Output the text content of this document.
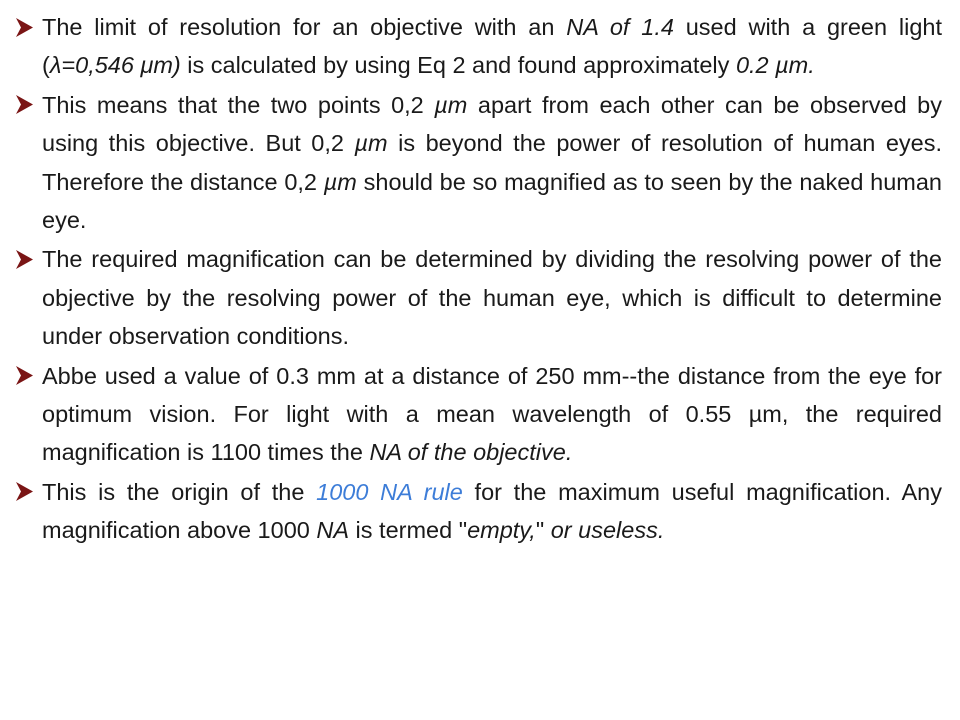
The limit of resolution for an objective with an NA of 1.4 used with a green light (λ=0,546 μm) is calculated by using Eq 2 and found approximately 0.2 µm.
This means that the two points 0,2 µm apart from each other can be observed by using this objective. But 0,2 µm is beyond the power of resolution of human eyes. Therefore the distance 0,2 µm should be so magnified as to seen by the naked human eye.
The required magnification can be determined by dividing the resolving power of the objective by the resolving power of the human eye, which is difficult to determine under observation conditions.
Abbe used a value of 0.3 mm at a distance of 250 mm--the distance from the eye for optimum vision. For light with a mean wavelength of 0.55 µm, the required magnification is 1100 times the NA of the objective.
This is the origin of the 1000 NA rule for the maximum useful magnification. Any magnification above 1000 NA is termed "empty," or useless.
